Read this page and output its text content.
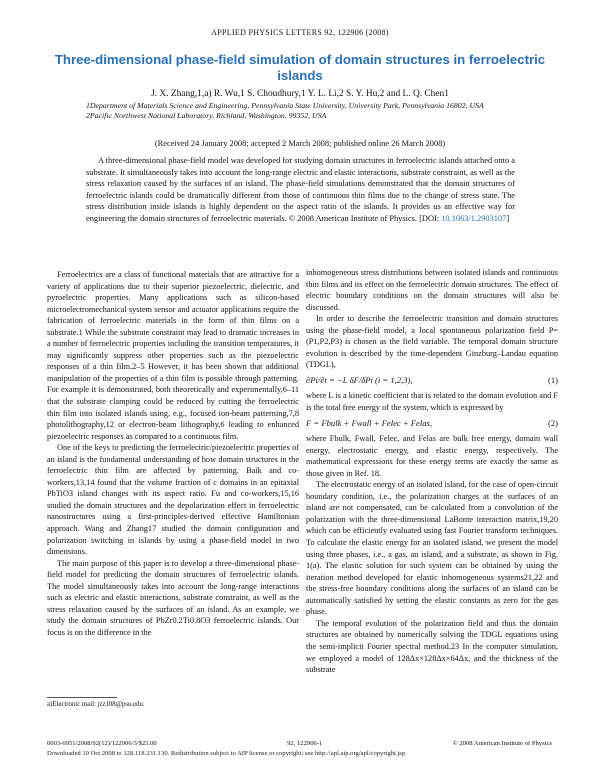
APPLIED PHYSICS LETTERS 92, 122906 (2008)
Three-dimensional phase-field simulation of domain structures in ferroelectric islands
J. X. Zhang,1,a) R. Wu,1 S. Choudhury,1 Y. L. Li,2 S. Y. Hu,2 and L. Q. Chen1
1Department of Materials Science and Engineering, Pennsylvania State University, University Park, Pennsylvania 16802, USA
2Pacific Northwest National Laboratory, Richland, Washington, 99352, USA
(Received 24 January 2008; accepted 2 March 2008; published online 26 March 2008)
A three-dimensional phase-field model was developed for studying domain structures in ferroelectric islands attached onto a substrate. It simultaneously takes into account the long-range electric and elastic interactions, substrate constraint, as well as the stress relaxation caused by the surfaces of an island. The phase-field simulations demonstrated that the domain structures of ferroelectric islands could be dramatically different from those of continuous thin films due to the change of stress state. The stress distribution inside islands is highly dependent on the aspect ratio of the islands. It provides us an effective way for engineering the domain structures of ferroelectric materials. © 2008 American Institute of Physics. [DOI: 10.1063/1.2903107]

Ferroelectrics are a class of functional materials that are attractive for a variety of applications due to their superior piezoelectric, dielectric, and pyroelectric properties. Many applications such as silicon-based microelectromechanical system sensor and actuator applications require the fabrication of ferroelectric materials in the form of thin films on a substrate.1 While the substrate constraint may lead to dramatic increases in a number of ferroelectric properties including the transition temperatures, it may significantly suppress other properties such as the piezoelectric responses of a thin film.2–5 However, it has been shown that additional manipulation of the properties of a thin film is possible through patterning. For example it is demonstrated, both theoretically and experimentally,6–11 that the substrate clamping could be reduced by cutting the ferroelectric thin film into isolated islands using, e.g., focused ion-beam patterning,7,8 photolithography,12 or electron-beam lithography,6 leading to enhanced piezoelectric responses as compared to a continuous film.

One of the keys to predicting the ferroelectric/piezoelectric properties of an island is the fundamental understanding of how domain structures in the ferroelectric thin film are affected by patterning. Baik and co-workers,13,14 found that the volume fraction of c domains in an epitaxial PbTiO3 island changes with its aspect ratio. Fu and co-workers,15,16 studied the domain structures and the depolarization effect in ferroelectric nanostructures using a first-principles-derived effective Hamiltonian approach. Wang and Zhang17 studied the domain configuration and polarization switching in islands by using a phase-field model in two dimensions.

The main purpose of this paper is to develop a three-dimensional phase-field model for predicting the domain structures of ferroelectric islands. The model simultaneously takes into account the long-range interactions such as electric and elastic interactions, substrate constraint, as well as the stress relaxation caused by the surfaces of an island. As an example, we study the domain structures of PbZr0.2Ti0.8O3 ferroelectric islands. Our focus is on the difference in the

inhomogeneous stress distributions between isolated islands and continuous thin films and its effect on the ferroelectric domain structures. The effect of electric boundary conditions on the domain structures will also be discussed.

In order to describe the ferroelectric transition and domain structures using the phase-field model, a local spontaneous polarization field P=(P1,P2,P3) is chosen as the field variable. The temporal domain structure evolution is described by the time-dependent Ginzburg–Landau equation (TDGL),

∂Pi/∂t = −L δF/δPi (i = 1,2,3),	(1)

where L is a kinetic coefficient that is related to the domain evolution and F is the total free energy of the system, which is expressed by

F = Fbulk + Fwall + Felec + Felas,	(2)

where Fbulk, Fwall, Felec, and Felas are bulk free energy, domain wall energy, electrostatic energy, and elastic energy, respectively. The mathematical expressions for these energy terms are exactly the same as those given in Ref. 18.

The electrostatic energy of an isolated island, for the case of open-circuit boundary condition, i.e., the polarization charges at the surfaces of an island are not compensated, can be calculated from a convolution of the polarization with the three-dimensional LaBonte interaction matrix,19,20 which can be efficiently evaluated using fast Fourier transform techniques. To calculate the elastic energy for an isolated island, we present the model using three phases, i.e., a gas, an island, and a substrate, as shown in Fig. 1(a). The elastic solution for such system can be obtained by using the iteration method developed for elastic inhomogeneous systems21,22 and the stress-free boundary conditions along the surfaces of an island can be automatically satisfied by setting the elastic constants as zero for the gas phase.

The temporal evolution of the polarization field and thus the domain structures are obtained by numerically solving the TDGL equations using the semi-implicit Fourier spectral method.23 In the computer simulation, we employed a model of 128Δx×128Δx×64Δx, and the thickness of the substrate

a)Electronic mail: jzz108@psu.edu.
0003-6951/2008/92(12)/122906/3/$23.00	92, 122906-1	© 2008 American Institute of Physics
Downloaded 10 Oct 2008 to 128.118.231.130. Redistribution subject to AIP license or copyright; see http://apl.aip.org/apl/copyright.jsp
